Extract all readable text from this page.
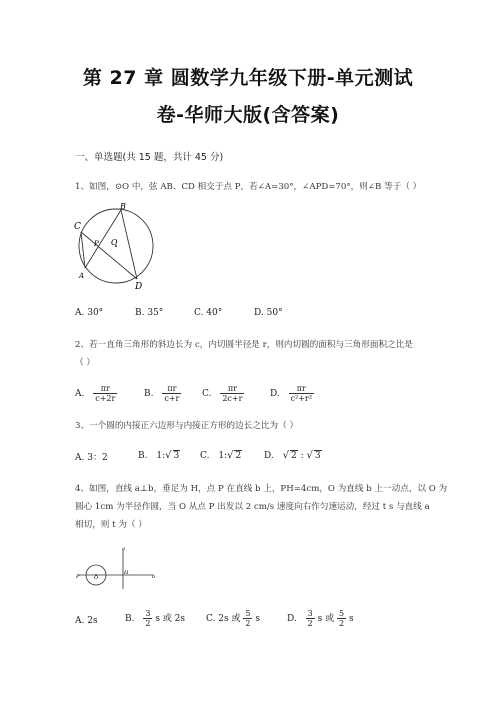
第 27 章 圆数学九年级下册-单元测试
卷-华师大版(含答案)
一、单选题(共 15 题，共计 45 分)
1、如图，⊙O 中，弦 AB、CD 相交于点 P，若∠A=30°，∠APD=70°，则∠B 等于（ ）
B
C
P O
A
D
A. 30°	B. 35°	C. 40°	D. 50°
2、若一直角三角形的斜边长为 c，内切圆半径是 r，则内切圆的面积与三角形面积之比是
（ ）
A. $\frac{\pi r}{c+2r}$	B. $\frac{\pi r}{c+r} C$. $\frac{\pi r}{2c+r}$	D. $\frac{\pi r}{\text{c²+r²}}$
3、一个圆的内接正六边形与内接正方形的边长之比为（ ）
A. 3：2	B. 1:√ 3 C. 1:√ 2	D. √ 2 : √ 3
4、如图，直线 a⊥b，垂足为 H，点 P 在直线 b 上，PH=4cm，O 为直线 b 上一动点，以 O 为
圆心 1cm 为半径作圆，当 O 从点 P 出发以 2 cm/s 速度向右作匀速运动，经过 t s 与直线 a
相切，则 t 为（ ）
a
P	O
H
b
A. 2s	B. $\frac{3}{2}$ s 或 2s C. 2s 或 $\frac{5}{2}$ s	D. $\frac{3}{2}$ s 或 $\frac{5}{2}$ s
